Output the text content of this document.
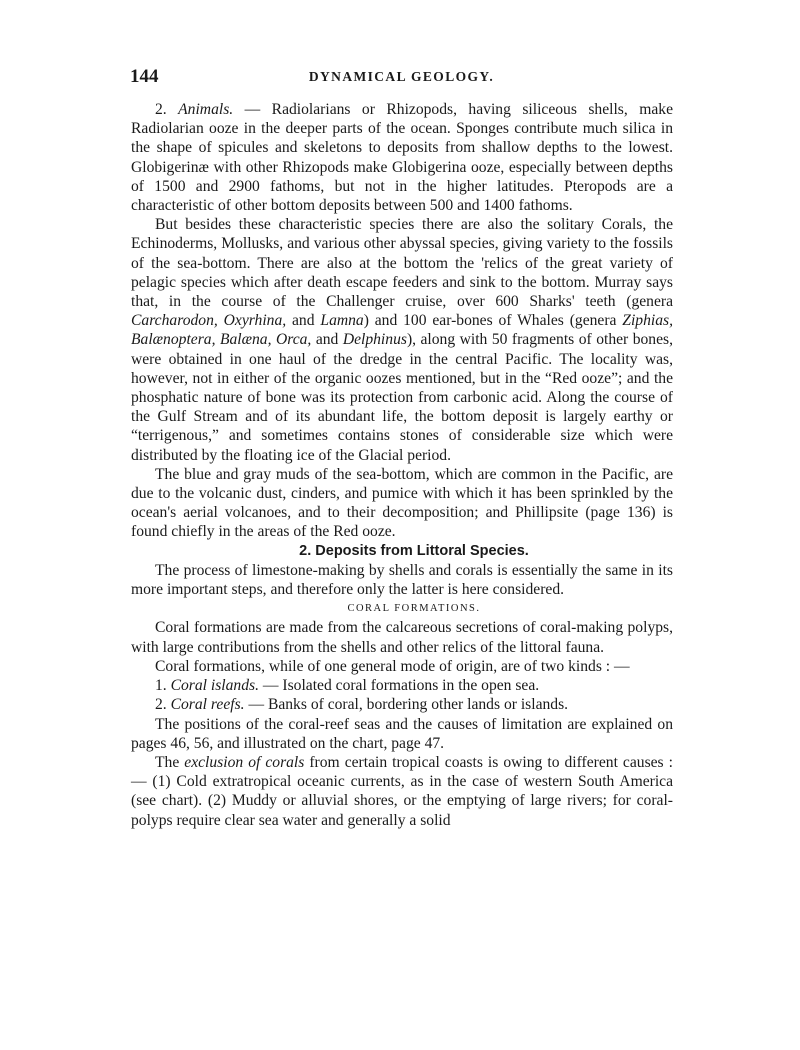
144	DYNAMICAL GEOLOGY.

2. Animals. — Radiolarians or Rhizopods, having siliceous shells, make Radiolarian ooze in the deeper parts of the ocean. Sponges contribute much silica in the shape of spicules and skeletons to deposits from shallow depths to the lowest. Globigerinæ with other Rhizopods make Globigerina ooze, especially between depths of 1500 and 2900 fathoms, but not in the higher latitudes. Pteropods are a characteristic of other bottom deposits between 500 and 1400 fathoms.

But besides these characteristic species there are also the solitary Corals, the Echinoderms, Mollusks, and various other abyssal species, giving variety to the fossils of the sea-bottom. There are also at the bottom the 'relics of the great variety of pelagic species which after death escape feeders and sink to the bottom. Murray says that, in the course of the Challenger cruise, over 600 Sharks' teeth (genera Carcharodon, Oxyrhina, and Lamna) and 100 ear-bones of Whales (genera Ziphias, Balænoptera, Balæna, Orca, and Delphinus), along with 50 fragments of other bones, were obtained in one haul of the dredge in the central Pacific. The locality was, however, not in either of the organic oozes mentioned, but in the “Red ooze”; and the phosphatic nature of bone was its protection from carbonic acid. Along the course of the Gulf Stream and of its abundant life, the bottom deposit is largely earthy or “terrigenous,” and sometimes contains stones of considerable size which were distributed by the floating ice of the Glacial period.

The blue and gray muds of the sea-bottom, which are common in the Pacific, are due to the volcanic dust, cinders, and pumice with which it has been sprinkled by the ocean's aerial volcanoes, and to their decomposition; and Phillipsite (page 136) is found chiefly in the areas of the Red ooze.

2. Deposits from Littoral Species.

The process of limestone-making by shells and corals is essentially the same in its more important steps, and therefore only the latter is here considered.

CORAL FORMATIONS.

Coral formations are made from the calcareous secretions of coral-making polyps, with large contributions from the shells and other relics of the littoral fauna.

Coral formations, while of one general mode of origin, are of two kinds : —

1. Coral islands. — Isolated coral formations in the open sea.

2. Coral reefs. — Banks of coral, bordering other lands or islands.

The positions of the coral-reef seas and the causes of limitation are explained on pages 46, 56, and illustrated on the chart, page 47.

The exclusion of corals from certain tropical coasts is owing to different causes : — (1) Cold extratropical oceanic currents, as in the case of western South America (see chart). (2) Muddy or alluvial shores, or the emptying of large rivers; for coral-polyps require clear sea water and generally a solid
